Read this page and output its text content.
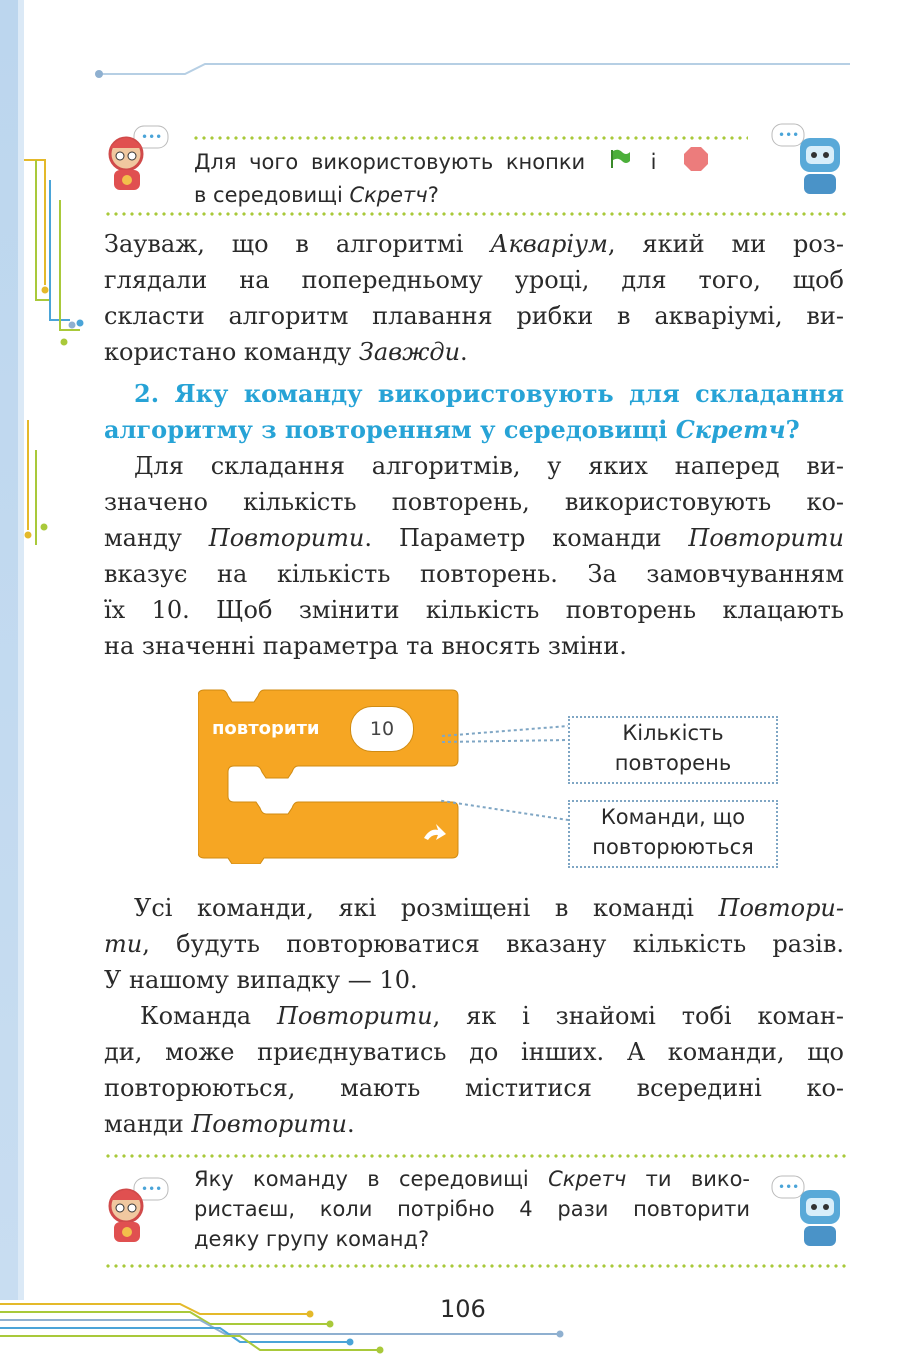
•••
Для чого використовують кнопки	і
в середовищі Скретч?
•••
Зауваж, що в алгоритмі Акваріум, який ми роз-
глядали на попередньому уроці, для того, щоб
скласти алгоритм плавання рибки в акваріумі, ви-
користано команду Завжди.
2. Яку команду використовують для складання
алгоритму з повторенням у середовищі Скретч?
Для складання алгоритмів, у яких наперед ви-
значено кількість повторень, використовують ко-
манду Повторити. Параметр команди Повторити
вказує на кількість повторень. За замовчуванням
їх 10. Щоб змінити кількість повторень клацають
на значенні параметра та вносять зміни.
повторити	10	Кількість
повторень
Команди, що
повторюються
Усі команди, які розміщені в команді Повтори-
ти, будуть повторюватися вказану кількість разів.
У нашому випадку — 10.
Команда Повторити, як і знайомі тобі коман-
ди, може приєднуватись до інших. А команди, що
повторюються, мають міститися всередині ко-
манди Повторити.
••• Яку команду в середовищі Скретч ти вико-
ристаєш, коли потрібно 4 рази повторити
деяку групу команд?
•••
106
